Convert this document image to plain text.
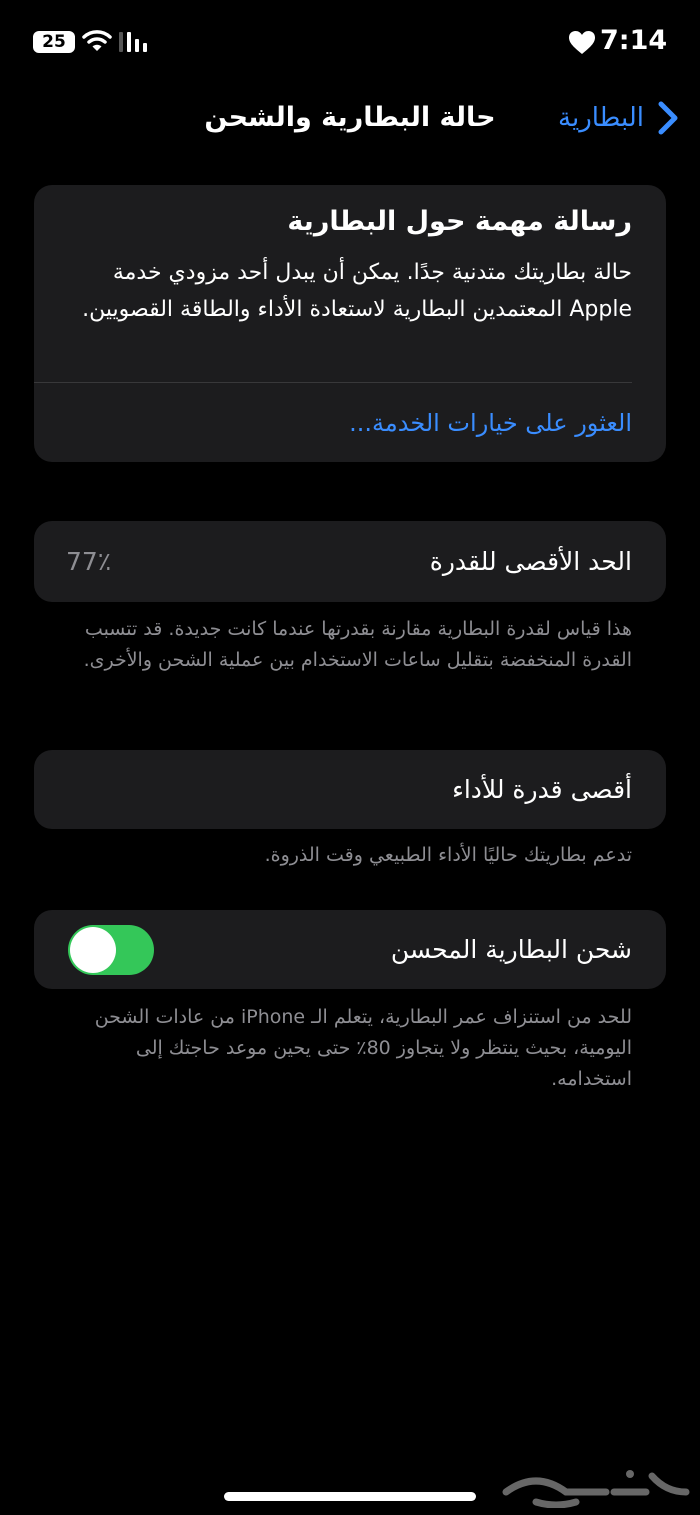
25	7:14
البطارية
حالة البطارية والشحن
رسالة مهمة حول البطارية
حالة بطاريتك متدنية جدًا. يمكن أن يبدل أحد مزودي خدمة Apple المعتمدين البطارية لاستعادة الأداء والطاقة القصويين.
العثور على خيارات الخدمة...
الحد الأقصى للقدرة
77٪
هذا قياس لقدرة البطارية مقارنة بقدرتها عندما كانت جديدة. قد تتسبب القدرة المنخفضة بتقليل ساعات الاستخدام بين عملية الشحن والأخرى.
أقصى قدرة للأداء
تدعم بطاريتك حاليًا الأداء الطبيعي وقت الذروة.
شحن البطارية المحسن
للحد من استنزاف عمر البطارية، يتعلم الـ iPhone من عادات الشحن اليومية، بحيث ينتظر ولا يتجاوز 80٪ حتى يحين موعد حاجتك إلى استخدامه.
